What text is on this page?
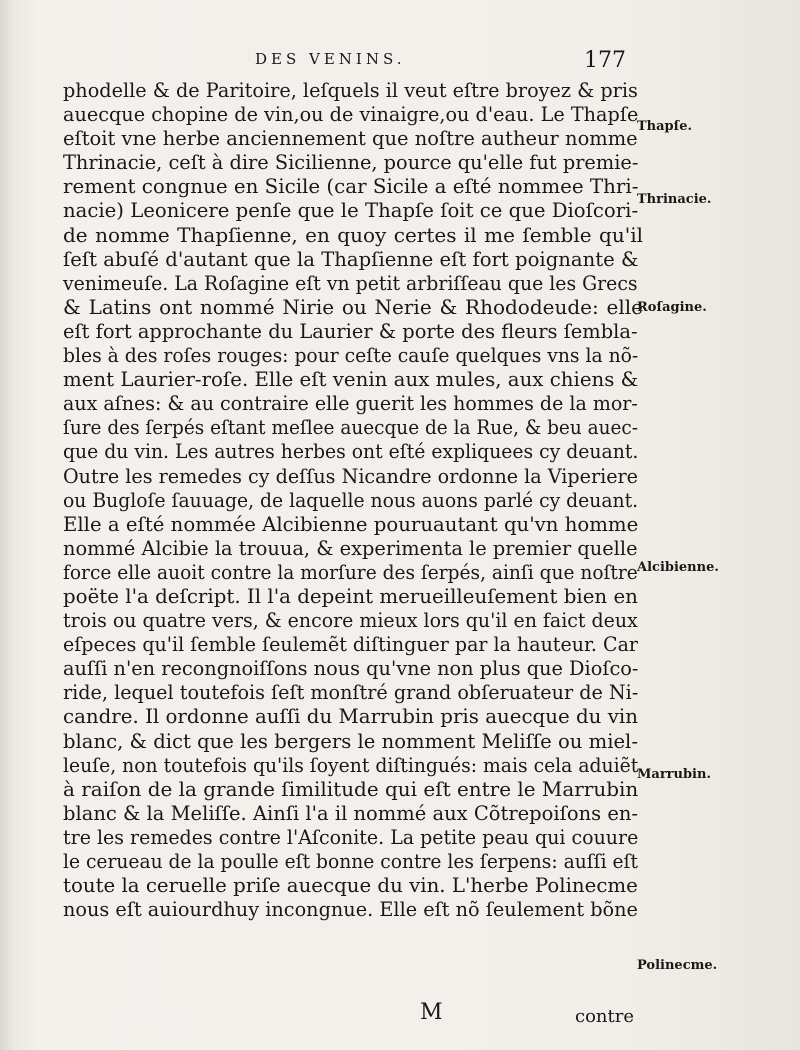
DES VENINS.	177
phodelle & de Paritoire, leſquels il veut eſtre broyez & pris
auecque chopine de vin,ou de vinaigre,ou d'eau. Le Thapſe
eſtoit vne herbe anciennement que noſtre autheur nomme
Thrinacie, ceſt à dire Sicilienne, pource qu'elle fut premie-
rement congnue en Sicile (car Sicile a eſté nommee Thri-
nacie) Leonicere penſe que le Thapſe ſoit ce que Dioſcori-
de nomme Thapſienne, en quoy certes il me ſemble qu'il
ſeſt abuſé d'autant que la Thapſienne eſt fort poignante &
venimeuſe. La Roſagine eſt vn petit arbriſſeau que les Grecs
& Latins ont nommé Nirie ou Nerie & Rhododeude: elle
eſt fort approchante du Laurier & porte des fleurs ſembla-
bles à des roſes rouges: pour ceſte cauſe quelques vns la nõ-
ment Laurier-roſe. Elle eſt venin aux mules, aux chiens &
aux aſnes: & au contraire elle guerit les hommes de la mor-
ſure des ſerpés eſtant meſlee auecque de la Rue, & beu auec-
que du vin. Les autres herbes ont eſté expliquees cy deuant.
Outre les remedes cy deſſus Nicandre ordonne la Viperiere
ou Bugloſe ſauuage, de laquelle nous auons parlé cy deuant.
Elle a eſté nommée Alcibienne pouruautant qu'vn homme
nommé Alcibie la trouua, & experimenta le premier quelle
force elle auoit contre la morſure des ſerpés, ainſi que noſtre
poëte l'a deſcript. Il l'a depeint merueilleuſement bien en
trois ou quatre vers, & encore mieux lors qu'il en faict deux
eſpeces qu'il ſemble ſeulemẽt diſtinguer par la hauteur. Car
auſſi n'en recongnoiſſons nous qu'vne non plus que Dioſco-
ride, lequel toutefois ſeſt monſtré grand obſeruateur de Ni-
candre. Il ordonne auſſi du Marrubin pris auecque du vin
blanc, & dict que les bergers le nomment Meliſſe ou miel-
leuſe, non toutefois qu'ils ſoyent diſtingués: mais cela aduiẽt
à raiſon de la grande ſimilitude qui eſt entre le Marrubin
blanc & la Meliſſe. Ainſi l'a il nommé aux Cõtrepoiſons en-
tre les remedes contre l'Aſconite. La petite peau qui couure
le cerueau de la poulle eſt bonne contre les ſerpens: auſſi eſt
toute la ceruelle priſe auecque du vin. L'herbe Polinecme
nous eſt auiourdhuy incongnue. Elle eſt nõ ſeulement bõne
Thapſe.
Thrinacie.
Roſagine.
Alcibienne.
Marrubin.
Polinecme.
M	contre
